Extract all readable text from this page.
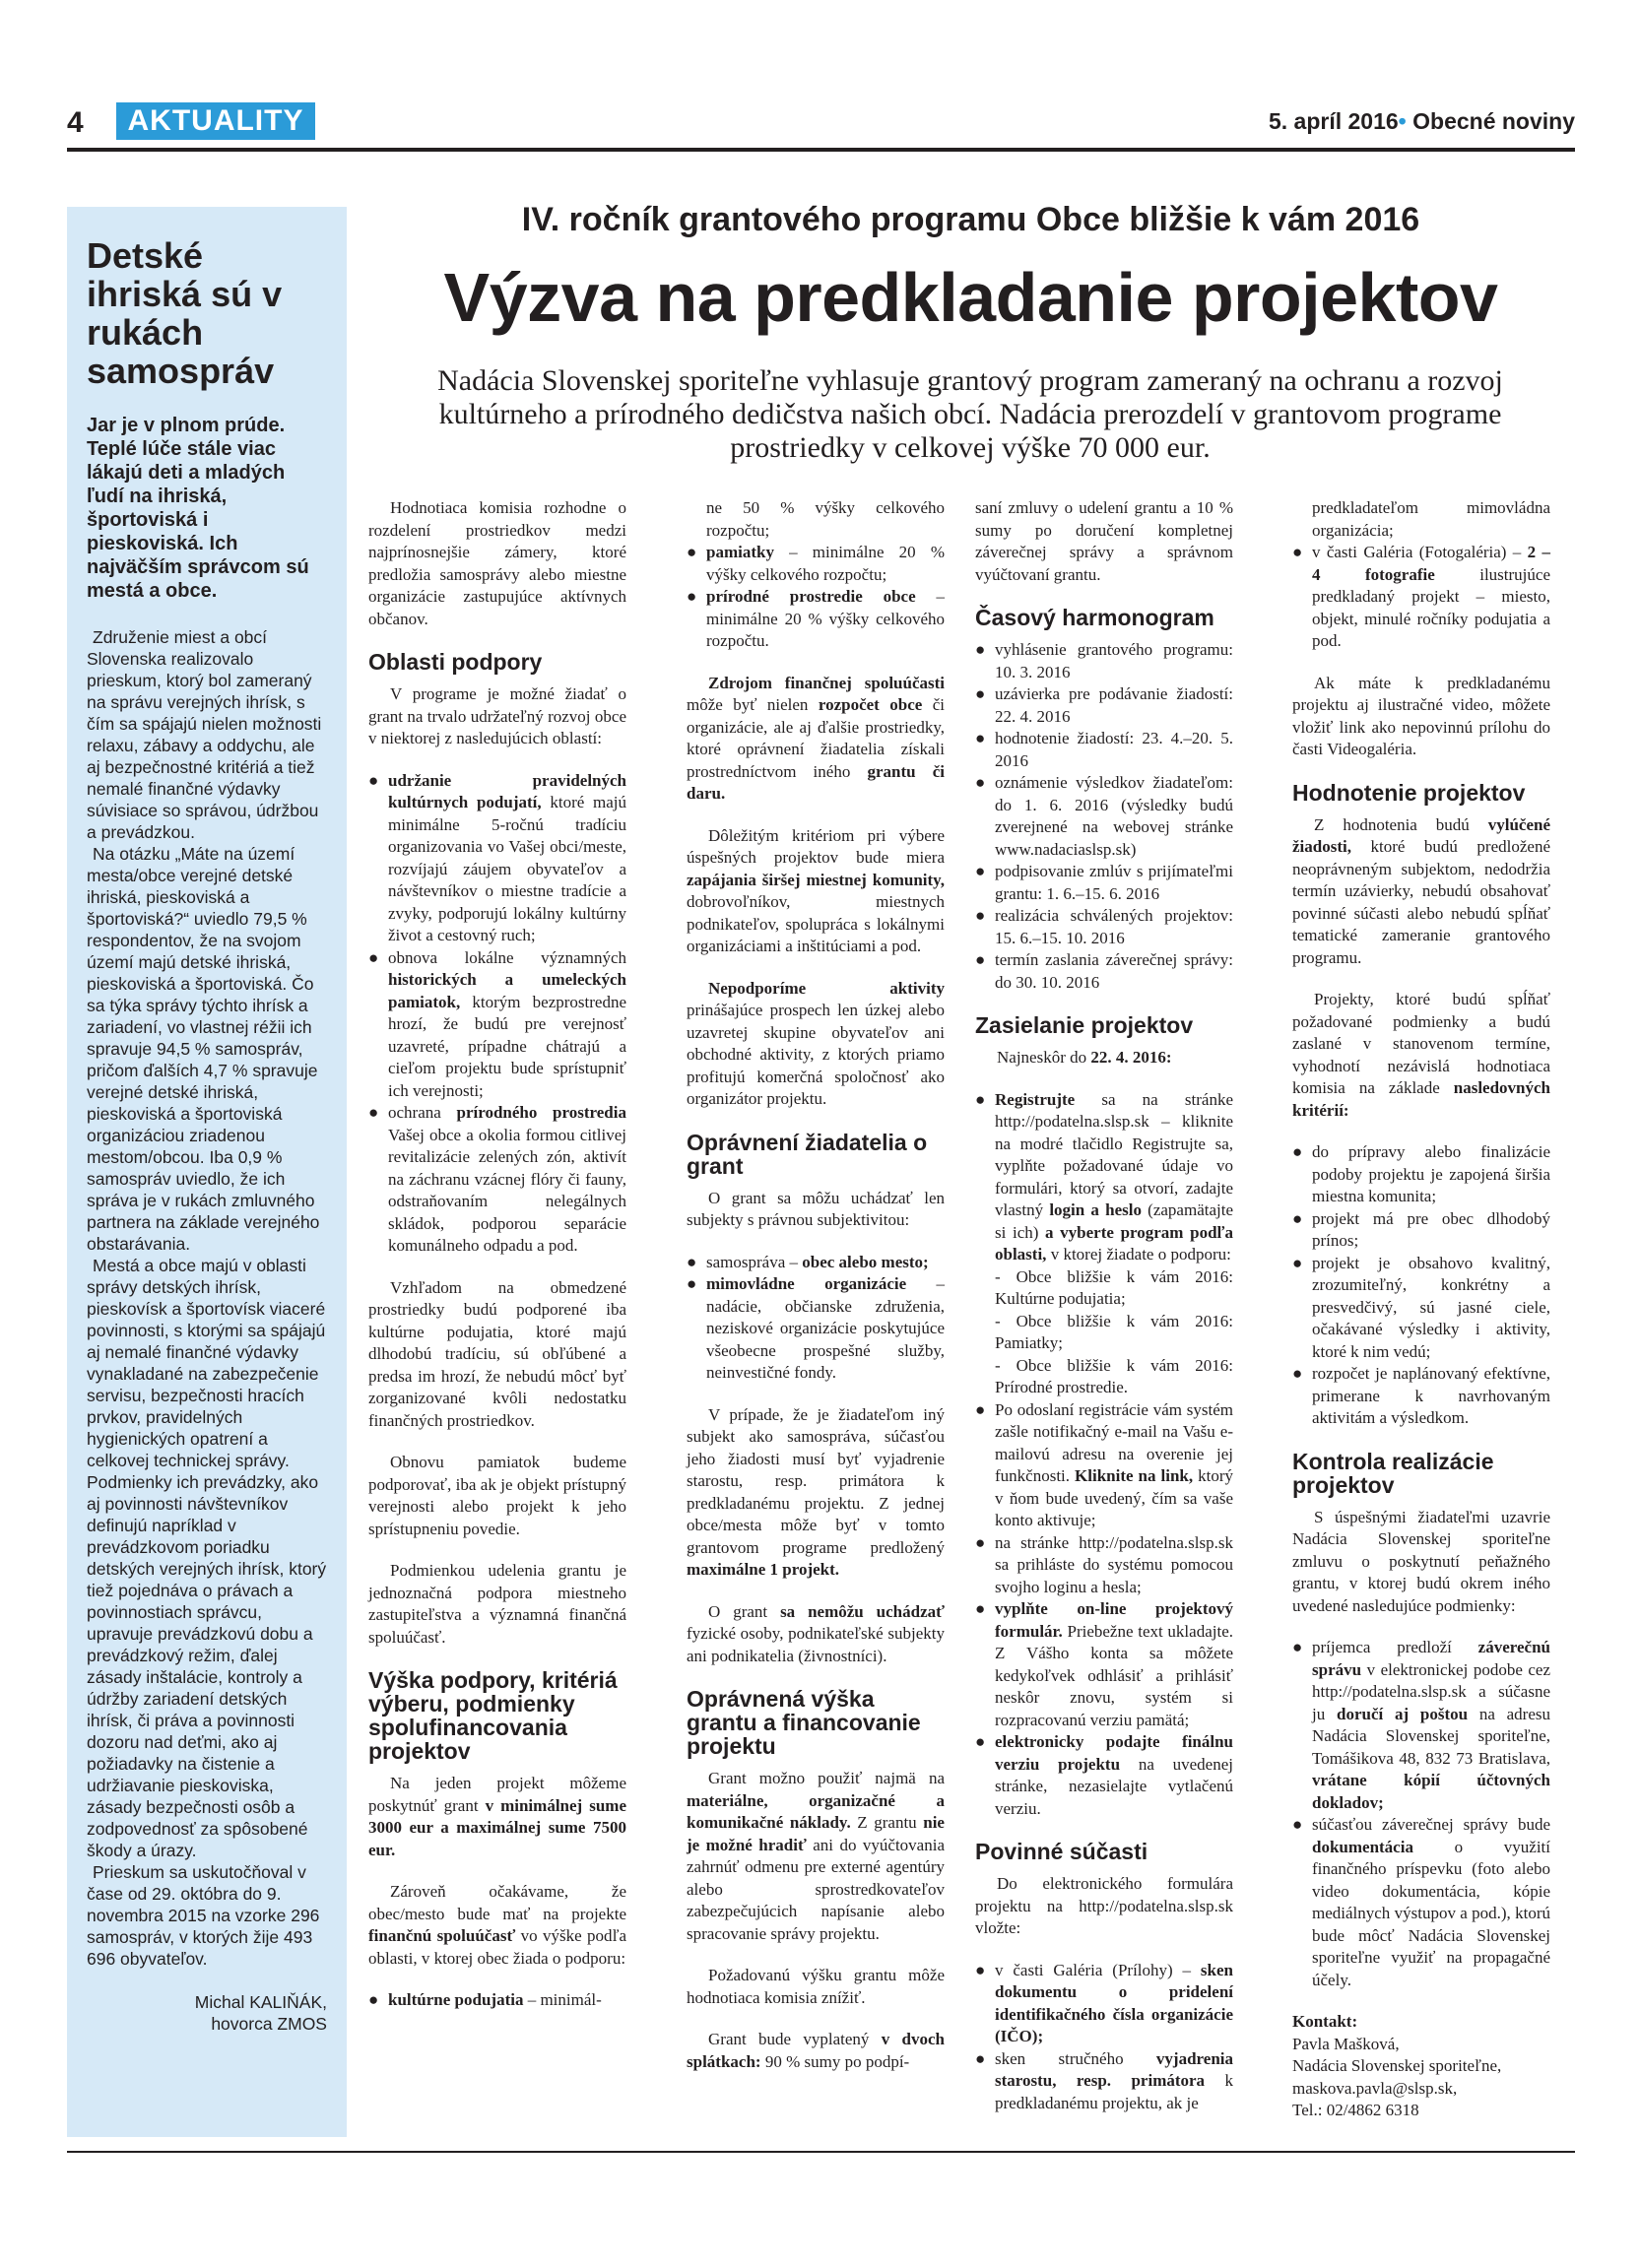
4	AKTUALITY	5. apríl 2016• Obecné noviny
Detské ihriská sú v rukách samospráv

Jar je v plnom prúde. Teplé lúče stále viac lákajú deti a mladých ľudí na ihriská, športoviská i pieskoviská. Ich najväčším správcom sú mestá a obce.

Združenie miest a obcí Slovenska realizovalo prieskum, ktorý bol zameraný na správu verejných ihrísk, s čím sa spájajú nielen možnosti relaxu, zábavy a oddychu, ale aj bezpečnostné kritériá a tiež nemalé finančné výdavky súvisiace so správou, údržbou a prevádzkou.

Na otázku „Máte na území mesta/obce verejné detské ihriská, pieskoviská a športoviská?“ uviedlo 79,5 % respondentov, že na svojom území majú detské ihriská, pieskoviská a športoviská. Čo sa týka správy týchto ihrísk a zariadení, vo vlastnej réžii ich spravuje 94,5 % samospráv, pričom ďalších 4,7 % spravuje verejné detské ihriská, pieskoviská a športoviská organizáciou zriadenou mestom/obcou. Iba 0,9 % samospráv uviedlo, že ich správa je v rukách zmluvného partnera na základe verejného obstarávania.

Mestá a obce majú v oblasti správy detských ihrísk, pieskovísk a športovísk viaceré povinnosti, s ktorými sa spájajú aj nemalé finančné výdavky vynakladané na zabezpečenie servisu, bezpečnosti hracích prvkov, pravidelných hygienických opatrení a celkovej technickej správy. Podmienky ich prevádzky, ako aj povinnosti návštevníkov definujú napríklad v prevádzkovom poriadku detských verejných ihrísk, ktorý tiež pojednáva o právach a povinnostiach správcu, upravuje prevádzkovú dobu a prevádzkový režim, ďalej zásady inštalácie, kontroly a údržby zariadení detských ihrísk, či práva a povinnosti dozoru nad deťmi, ako aj požiadavky na čistenie a udržiavanie pieskoviska, zásady bezpečnosti osôb a zodpovednosť za spôsobené škody a úrazy.

Prieskum sa uskutočňoval v čase od 29. októbra do 9. novembra 2015 na vzorke 296 samospráv, v ktorých žije 493 696 obyvateľov.

Michal KALIŇÁK,
hovorca ZMOS
IV. ročník grantového programu Obce bližšie k vám 2016
Výzva na predkladanie projektov
Nadácia Slovenskej sporiteľne vyhlasuje grantový program zameraný na ochranu a rozvoj kultúrneho a prírodného dedičstva našich obcí. Nadácia prerozdelí v grantovom programe prostriedky v celkovej výške 70 000 eur.

Hodnotiaca komisia rozhodne o rozdelení prostriedkov medzi najprínosnejšie zámery, ktoré predložia samosprávy alebo miestne organizácie zastupujúce aktívnych občanov.

Oblasti podpory

V programe je možné žiadať o grant na trvalo udržateľný rozvoj obce v niektorej z nasledujúcich oblastí:

● udržanie pravidelných kultúrnych podujatí, ktoré majú minimálne 5-ročnú tradíciu organizovania vo Vašej obci/meste, rozvíjajú záujem obyvateľov a návštevníkov o miestne tradície a zvyky, podporujú lokálny kultúrny život a cestovný ruch;
● obnova lokálne významných historických a umeleckých pamiatok, ktorým bezprostredne hrozí, že budú pre verejnosť uzavreté, prípadne chátrajú a cieľom projektu bude sprístupniť ich verejnosti;
● ochrana prírodného prostredia Vašej obce a okolia formou citlivej revitalizácie zelených zón, aktivít na záchranu vzácnej flóry či fauny, odstraňovaním nelegálnych skládok, podporou separácie komunálneho odpadu a pod.

Vzhľadom na obmedzené prostriedky budú podporené iba kultúrne podujatia, ktoré majú dlhodobú tradíciu, sú obľúbené a predsa im hrozí, že nebudú môcť byť zorganizované kvôli nedostatku finančných prostriedkov.

Obnovu pamiatok budeme podporovať, iba ak je objekt prístupný verejnosti alebo projekt k jeho sprístupneniu povedie.

Podmienkou udelenia grantu je jednoznačná podpora miestneho zastupiteľstva a významná finančná spoluúčasť.

Výška podpory, kritériá výberu, podmienky spolufinancovania projektov

Na jeden projekt môžeme poskytnúť grant v minimálnej sume 3000 eur a maximálnej sume 7500 eur.

Zároveň očakávame, že obec/mesto bude mať na projekte finančnú spoluúčasť vo výške podľa oblasti, v ktorej obec žiada o podporu:

● kultúrne podujatia – minimál-

ne 50 % výšky celkového rozpočtu;

● pamiatky – minimálne 20 % výšky celkového rozpočtu;
● prírodné prostredie obce – minimálne 20 % výšky celkového rozpočtu.

Zdrojom finančnej spoluúčasti môže byť nielen rozpočet obce či organizácie, ale aj ďalšie prostriedky, ktoré oprávnení žiadatelia získali prostredníctvom iného grantu či daru.

Dôležitým kritériom pri výbere úspešných projektov bude miera zapájania širšej miestnej komunity, dobrovoľníkov, miestnych podnikateľov, spolupráca s lokálnymi organizáciami a inštitúciami a pod.

Nepodporíme aktivity prinášajúce prospech len úzkej alebo uzavretej skupine obyvateľov ani obchodné aktivity, z ktorých priamo profitujú komerčná spoločnosť ako organizátor projektu.

Oprávnení žiadatelia o grant

O grant sa môžu uchádzať len subjekty s právnou subjektivitou:

● samospráva – obec alebo mesto;
● mimovládne organizácie – nadácie, občianske združenia, neziskové organizácie poskytujúce všeobecne prospešné služby, neinvestičné fondy.

V prípade, že je žiadateľom iný subjekt ako samospráva, súčasťou jeho žiadosti musí byť vyjadrenie starostu, resp. primátora k predkladanému projektu. Z jednej obce/mesta môže byť v tomto grantovom programe predložený maximálne 1 projekt.

O grant sa nemôžu uchádzať fyzické osoby, podnikateľské subjekty ani podnikatelia (živnostníci).

Oprávnená výška grantu a financovanie projektu

Grant možno použiť najmä na materiálne, organizačné a komunikačné náklady. Z grantu nie je možné hradiť ani do vyúčtovania zahrnúť odmenu pre externé agentúry alebo sprostredkovateľov zabezpečujúcich napísanie alebo spracovanie správy projektu.

Požadovanú výšku grantu môže hodnotiaca komisia znížiť.

Grant bude vyplatený v dvoch splátkach: 90 % sumy po podpí-

saní zmluvy o udelení grantu a 10 % sumy po doručení kompletnej záverečnej správy a správnom vyúčtovaní grantu.

Časový harmonogram
● vyhlásenie grantového programu: 10. 3. 2016
● uzávierka pre podávanie žiadostí: 22. 4. 2016
● hodnotenie žiadostí: 23. 4.–20. 5. 2016
● oznámenie výsledkov žiadateľom: do 1. 6. 2016 (výsledky budú zverejnené na webovej stránke www.nadaciaslsp.sk)
● podpisovanie zmlúv s prijímateľmi grantu: 1. 6.–15. 6. 2016
● realizácia schválených projektov: 15. 6.–15. 10. 2016
● termín zaslania záverečnej správy: do 30. 10. 2016
Zasielanie projektov

Najneskôr do 22. 4. 2016:

● Registrujte sa na stránke http://podatelna.slsp.sk – kliknite na modré tlačidlo Registrujte sa, vyplňte požadované údaje vo formulári, ktorý sa otvorí, zadajte vlastný login a heslo (zapamätajte si ich) a vyberte program podľa oblasti, v ktorej žiadate o podporu:
- Obce bližšie k vám 2016: Kultúrne podujatia;
- Obce bližšie k vám 2016: Pamiatky;
- Obce bližšie k vám 2016: Prírodné prostredie.
● Po odoslaní registrácie vám systém zašle notifikačný e-mail na Vašu e-mailovú adresu na overenie jej funkčnosti. Kliknite na link, ktorý v ňom bude uvedený, čím sa vaše konto aktivuje;
● na stránke http://podatelna.slsp.sk sa prihláste do systému pomocou svojho loginu a hesla;
● vyplňte on-line projektový formulár. Priebežne text ukladajte. Z Vášho konta sa môžete kedykoľvek odhlásiť a prihlásiť neskôr znovu, systém si rozpracovanú verziu pamätá;
● elektronicky podajte finálnu verziu projektu na uvedenej stránke, nezasielajte vytlačenú verziu.
Povinné súčasti

Do elektronického formulára projektu na http://podatelna.slsp.sk vložte:

● v časti Galéria (Prílohy) – sken dokumentu o pridelení identifikačného čísla organizácie (IČO);
● sken stručného vyjadrenia starostu, resp. primátora k predkladanému projektu, ak je

predkladateľom mimovládna organizácia;

● v časti Galéria (Fotogaléria) – 2 – 4 fotografie ilustrujúce predkladaný projekt – miesto, objekt, minulé ročníky podujatia a pod.

Ak máte k predkladanému projektu aj ilustračné video, môžete vložiť link ako nepovinnú prílohu do časti Videogaléria.

Hodnotenie projektov

Z hodnotenia budú vylúčené žiadosti, ktoré budú predložené neoprávneným subjektom, nedodržia termín uzávierky, nebudú obsahovať povinné súčasti alebo nebudú spĺňať tematické zameranie grantového programu.

Projekty, ktoré budú spĺňať požadované podmienky a budú zaslané v stanovenom termíne, vyhodnotí nezávislá hodnotiaca komisia na základe nasledovných kritérií:

● do prípravy alebo finalizácie podoby projektu je zapojená širšia miestna komunita;
● projekt má pre obec dlhodobý prínos;
● projekt je obsahovo kvalitný, zrozumiteľný, konkrétny a presvedčivý, sú jasné ciele, očakávané výsledky i aktivity, ktoré k nim vedú;
● rozpočet je naplánovaný efektívne, primerane k navrhovaným aktivitám a výsledkom.
Kontrola realizácie projektov

S úspešnými žiadateľmi uzavrie Nadácia Slovenskej sporiteľne zmluvu o poskytnutí peňažného grantu, v ktorej budú okrem iného uvedené nasledujúce podmienky:

● príjemca predloží záverečnú správu v elektronickej podobe cez http://podatelna.slsp.sk a súčasne ju doručí aj poštou na adresu Nadácia Slovenskej sporiteľne, Tomášikova 48, 832 73 Bratislava, vrátane kópií účtovných dokladov;
● súčasťou záverečnej správy bude dokumentácia o využití finančného príspevku (foto alebo video dokumentácia, kópie mediálnych výstupov a pod.), ktorú bude môcť Nadácia Slovenskej sporiteľne využiť na propagačné účely.
Kontakt:
Pavla Mašková,
Nadácia Slovenskej sporiteľne,
maskova.pavla@slsp.sk,
Tel.: 02/4862 6318
